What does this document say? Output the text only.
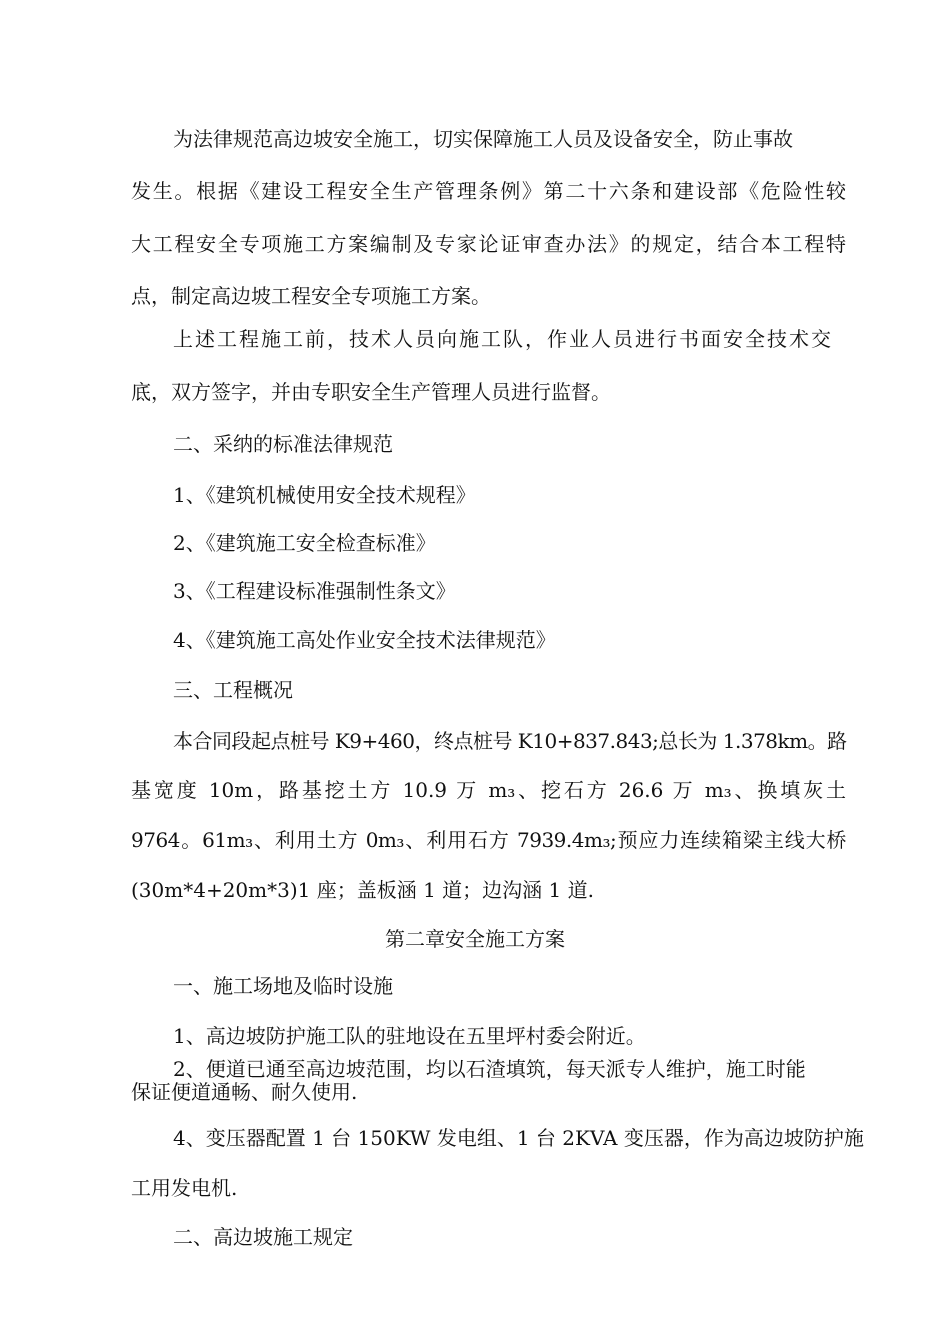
为法律规范高边坡安全施工，切实保障施工人员及设备安全，防止事故
发生。根据《建设工程安全生产管理条例》第二十六条和建设部《危险性较
大工程安全专项施工方案编制及专家论证审查办法》的规定，结合本工程特
点，制定高边坡工程安全专项施工方案。
上述工程施工前，技术人员向施工队，作业人员进行书面安全技术交
底，双方签字，并由专职安全生产管理人员进行监督。
二、采纳的标准法律规范
1、《建筑机械使用安全技术规程》
2、《建筑施工安全检查标准》
3、《工程建设标准强制性条文》
4、《建筑施工高处作业安全技术法律规范》
三、工程概况
本合同段起点桩号 K9+460，终点桩号 K10+837.843;总长为 1.378km。路
基宽度 10m，路基挖土方 10.9 万 m₃、挖石方 26.6 万 m₃、换填灰土
9764。61m₃、利用土方 0m₃、利用石方 7939.4m₃;预应力连续箱梁主线大桥
(30m*4+20m*3)1 座；盖板涵 1 道；边沟涵 1 道.
第二章安全施工方案
一、施工场地及临时设施
1、高边坡防护施工队的驻地设在五里坪村委会附近。
2、便道已通至高边坡范围，均以石渣填筑，每天派专人维护，施工时能
保证便道通畅、耐久使用.
4、变压器配置 1 台 150KW 发电组、1 台 2KVA 变压器，作为高边坡防护施
工用发电机.
二、高边坡施工规定
